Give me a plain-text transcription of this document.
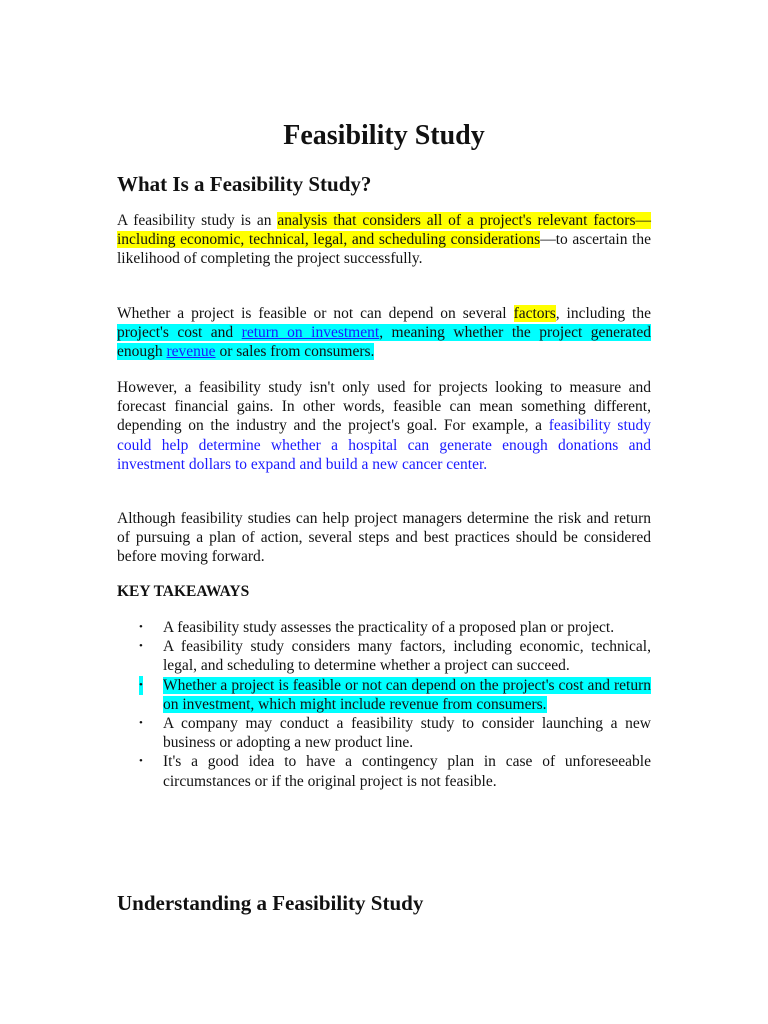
Feasibility Study
What Is a Feasibility Study?

A feasibility study is an analysis that considers all of a project's relevant factors—including economic, technical, legal, and scheduling considerations—to ascertain the likelihood of completing the project successfully.

Whether a project is feasible or not can depend on several factors, including the project's cost and return on investment, meaning whether the project generated enough revenue or sales from consumers.

However, a feasibility study isn't only used for projects looking to measure and forecast financial gains. In other words, feasible can mean something different, depending on the industry and the project's goal. For example, a feasibility study could help determine whether a hospital can generate enough donations and investment dollars to expand and build a new cancer center.

Although feasibility studies can help project managers determine the risk and return of pursuing a plan of action, several steps and best practices should be considered before moving forward.

KEY TAKEAWAYS

• A feasibility study assesses the practicality of a proposed plan or project.
• A feasibility study considers many factors, including economic, technical, legal, and scheduling to determine whether a project can succeed.
• Whether a project is feasible or not can depend on the project's cost and return on investment, which might include revenue from consumers.
• A company may conduct a feasibility study to consider launching a new business or adopting a new product line.
• It's a good idea to have a contingency plan in case of unforeseeable circumstances or if the original project is not feasible.
Understanding a Feasibility Study
